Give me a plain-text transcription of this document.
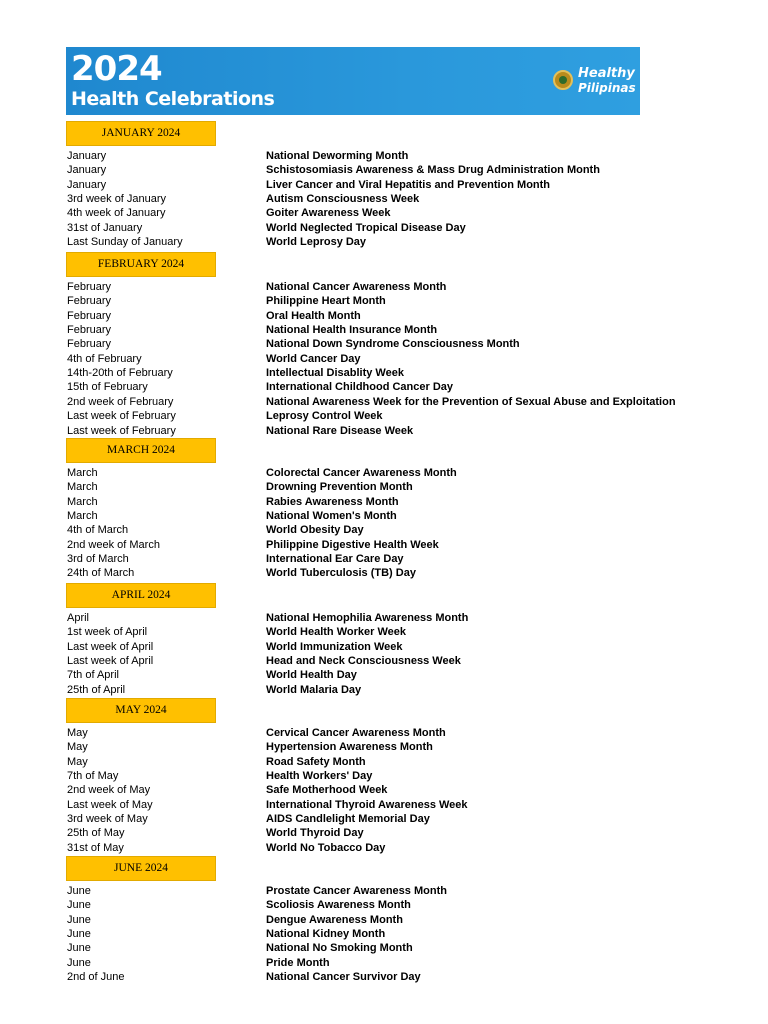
2024
Health Celebrations
Healthy
Pilipinas
JANUARY 2024
January	National Deworming Month
January	Schistosomiasis Awareness & Mass Drug Administration Month
January	Liver Cancer and Viral Hepatitis and Prevention Month
3rd week of January	Autism Consciousness Week
4th week of January	Goiter Awareness Week
31st of January	World Neglected Tropical Disease Day
Last Sunday of January	World Leprosy Day
FEBRUARY 2024
February	National Cancer Awareness Month
February	Philippine Heart Month
February	Oral Health Month
February	National Health Insurance Month
February	National Down Syndrome Consciousness Month
4th of February	World Cancer Day
14th-20th of February	Intellectual Disablity Week
15th of February	International Childhood Cancer Day
2nd week of February	National Awareness Week for the Prevention of Sexual Abuse and Exploitation
Last week of February	Leprosy Control Week
Last week of February	National Rare Disease Week
MARCH 2024
March	Colorectal Cancer Awareness Month
March	Drowning Prevention Month
March	Rabies Awareness Month
March	National Women's Month
4th of March	World Obesity Day
2nd week of March	Philippine Digestive Health Week
3rd of March	International Ear Care Day
24th of March	World Tuberculosis (TB) Day
APRIL 2024
April	National Hemophilia Awareness Month
1st week of April	World Health Worker Week
Last week of April	World Immunization Week
Last week of April	Head and Neck Consciousness Week
7th of April	World Health Day
25th of April	World Malaria Day
MAY 2024
May	Cervical Cancer Awareness Month
May	Hypertension Awareness Month
May	Road Safety Month
7th of May	Health Workers' Day
2nd week of May	Safe Motherhood Week
Last week of May	International Thyroid Awareness Week
3rd week of May	AIDS Candlelight Memorial Day
25th of May	World Thyroid Day
31st of May	World No Tobacco Day
JUNE 2024
June	Prostate Cancer Awareness Month
June	Scoliosis Awareness Month
June	Dengue Awareness Month
June	National Kidney Month
June	National No Smoking Month
June	Pride Month
2nd of June	National Cancer Survivor Day
